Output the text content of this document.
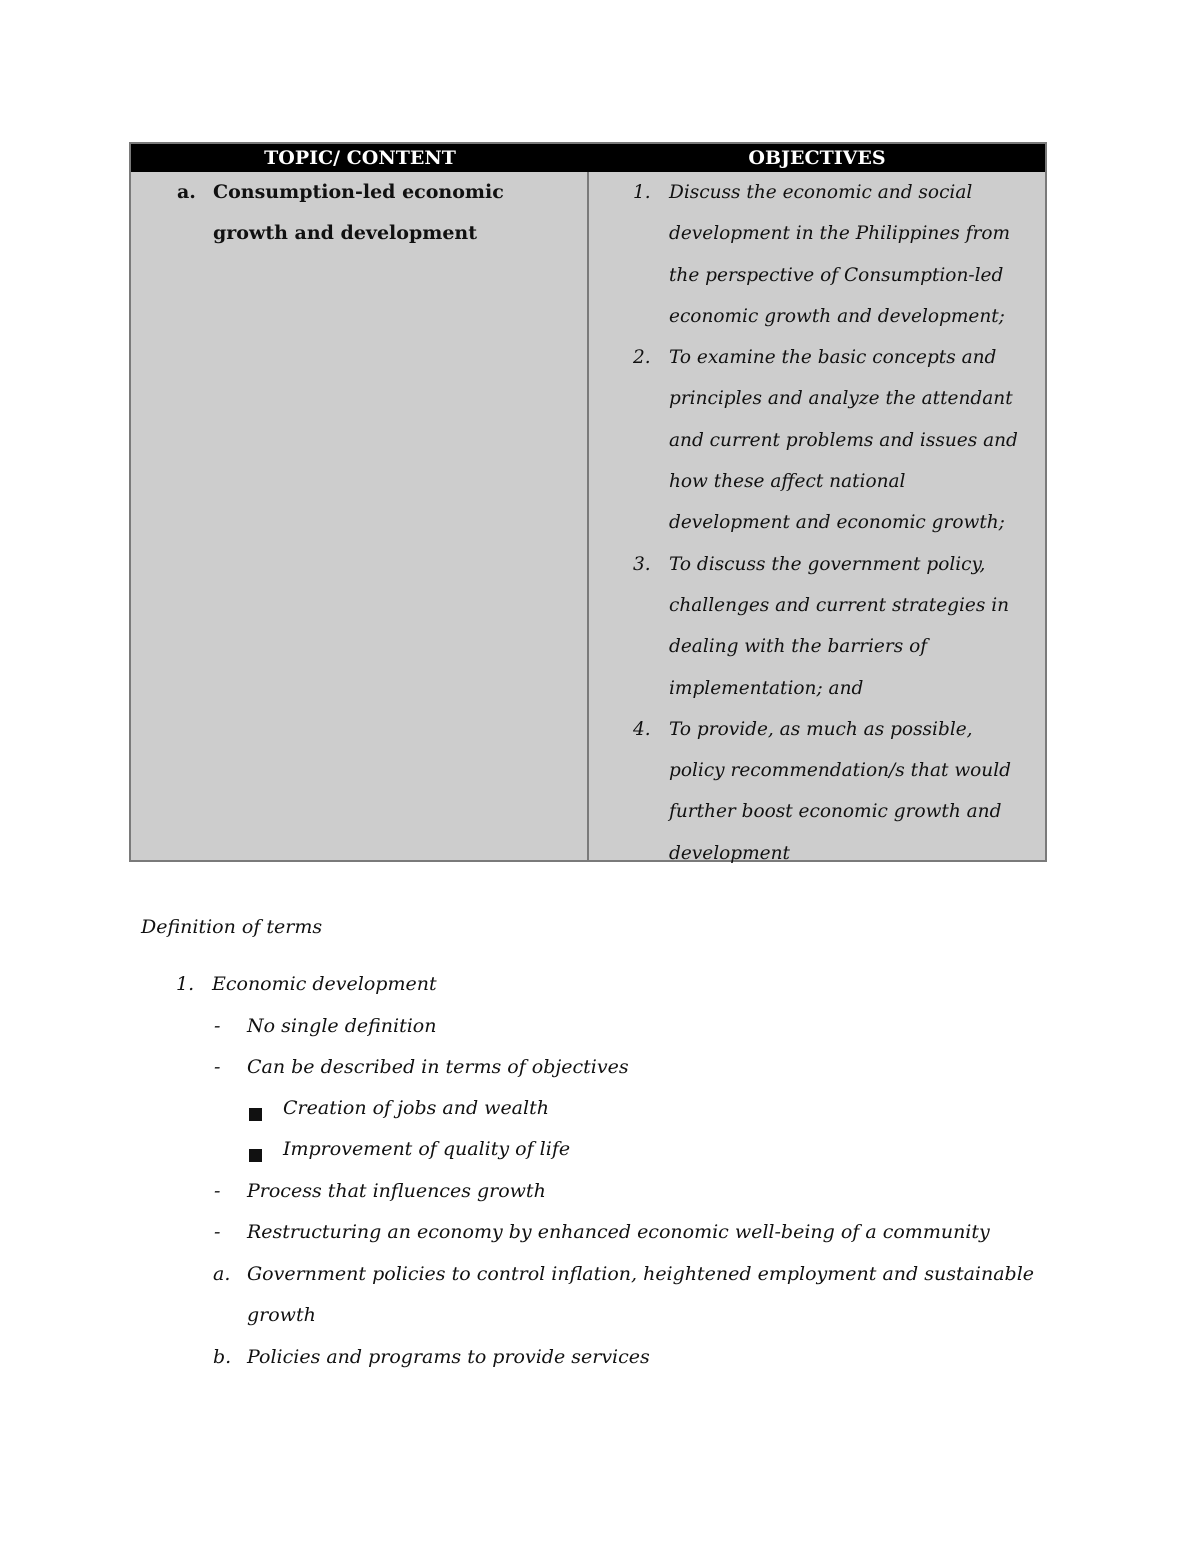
TOPIC/ CONTENT	OBJECTIVES
a. Consumption-led economic
growth and development
1. Discuss the economic and social
development in the Philippines from
the perspective of Consumption-led
economic growth and development;
2. To examine the basic concepts and
principles and analyze the attendant
and current problems and issues and
how these affect national
development and economic growth;
3. To discuss the government policy,
challenges and current strategies in
dealing with the barriers of
implementation; and
4. To provide, as much as possible,
policy recommendation/s that would
further boost economic growth and
development
Definition of terms
1. Economic development
- No single definition
- Can be described in terms of objectives
Creation of jobs and wealth
Improvement of quality of life
- Process that influences growth
- Restructuring an economy by enhanced economic well-being of a community
a. Government policies to control inflation, heightened employment and sustainable
growth
b. Policies and programs to provide services
